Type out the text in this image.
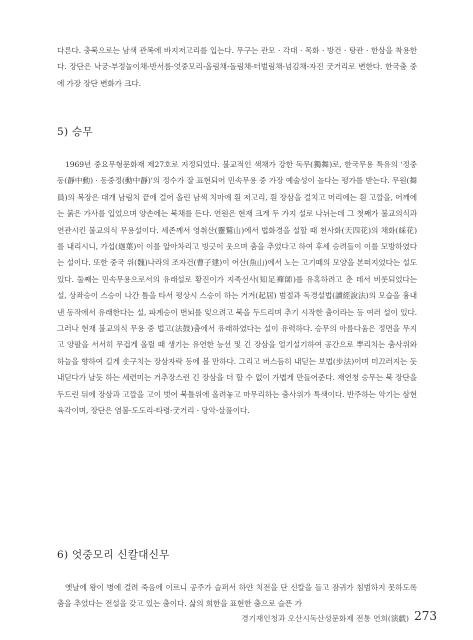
다른다. 충북으로는 남색 관복에 바지저고리를 입는다. 무구는 관모 · 각대 · 목화 · 방건 · 탕관 · 한삼을 착용한다. 장단은 낙궁-부정놀이채-반서름-엇중모리-올림채-돌림채-터벌림채-넘김채-자진 굿거리로 변한다. 한국춤 중에 가장 장단 변화가 크다.

5) 승무

1969년 중요무형문화재 제27호로 지정되었다. 불교적인 색채가 강한 독무(獨舞)로, 한국무용 특유의 '정중동(靜中動) · 동중정(動中靜)'의 정수가 잘 표현되어 민속무용 중 가장 예술성이 높다는 평가를 받는다. 무원(舞員)의 복장은 대개 남림치 끝에 걸어 올린 남색 치마에 흰 저고리, 흰 장삼을 걸치고 머리에는 흰 고깔을, 어깨에는 붉은 가사를 입었으며 양손에는 북채를 든다. 연원은 현재 크게 두 가지 설로 나뉘는데 그 첫째가 불교의식과 연관시킨 불교의식 무용설이다. 세존께서 영취산(靈鷲山)에서 법화경을 설할 때 천사화(天四花)의 채화(綵花)를 내리시니, 가섭(迦葉)이 이를 알아차리고 빙긋이 웃으며 춤을 추었다고 하여 후세 승려들이 이를 모방하였다는 설이다. 또한 중국 위(魏)나라의 조자건(曹子建)이 어산(魚山)에서 노는 고기떼의 모양을 본떠지었다는 설도 있다. 둘째는 민속무용으로서의 유래설로 황진이가 지족선사(知足禪師)를 유혹하려고 춘 데서 비롯되었다는 설, 상좌승이 스승이 나간 틈을 타서 평상시 스승이 하는 거겨(起居) 범절과 독경설법(讀經說法)의 모습을 흉내 낸 동작에서 유래한다는 설, 파계승이 번뇌를 잊으려고 북을 두드리며 추기 시작한 춤이라는 등 여러 설이 있다. 그러나 현재 불교의식 무용 중 법고(法鼓)춤에서 유래하였다는 설이 유력하다. 승무의 아름다움은 정면을 무지고 양팔을 서서히 무겁게 올릴 때 생기는 유연한 능선 및 긴 장삼을 얼기설기하여 공간으로 뿌리치는 춤사위와 하늘을 향하여 길게 솟구치는 장삼자락 등에 볼 만하다. 그리고 버스듬히 내딛는 보법(步法)이며 미끄러지는 듯 내딛다가 날듯 하는 세련미는 거추장스런 긴 장삼을 더 할 수 없이 가볍게 만들어준다. 재연청 승무는 북 장단을 두드린 뒤에 장삼과 고깔을 고이 벗어 북틀위에 올려놓고 마무리하는 춤사위가 특색이다. 반주하는 악기는 삼현육각이며, 장단은 염불-도도리-타령-굿거리 · 당악-살풀이다.

6) 엇중모리 신칼대신무

옛날에 왕이 병에 걸려 죽음에 이르니 공주가 슬퍼서 하얀 치전을 단 신칼을 들고 잠귀가 침범하지 못하도록 춤을 추었다는 전설을 갖고 있는 춤이다. 삶의 희한을 표현한 춤으로 슬픈 가

경기재인청과 오산시독산성문화제 전통 연희(演戱) 273
